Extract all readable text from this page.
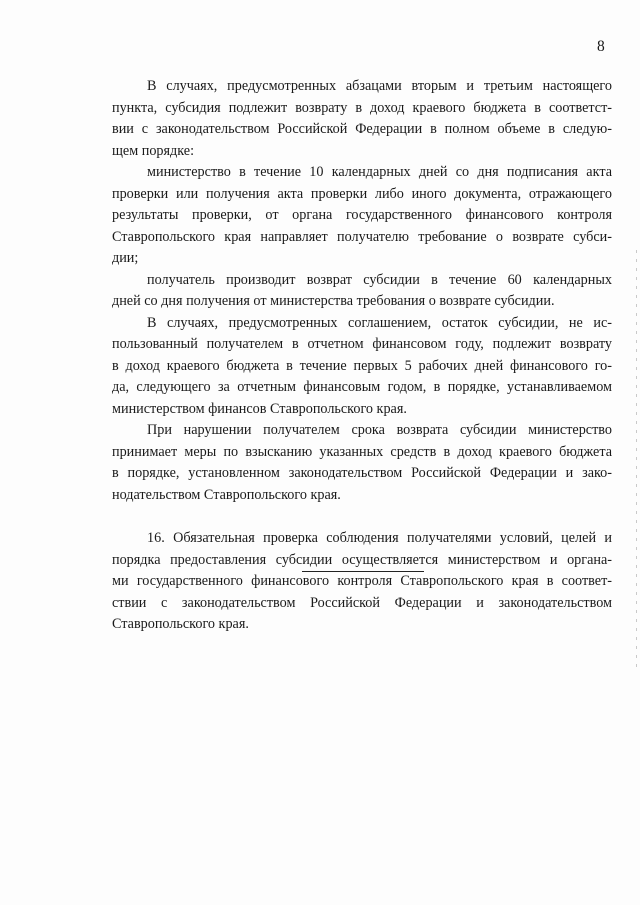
8
В случаях, предусмотренных абзацами вторым и третьим настоящего
пункта, субсидия подлежит возврату в доход краевого бюджета в соответст-
вии с законодательством Российской Федерации в полном объеме в следую-
щем порядке:
министерство в течение 10 календарных дней со дня подписания акта
проверки или получения акта проверки либо иного документа, отражающего
результаты проверки, от органа государственного финансового контроля
Ставропольского края направляет получателю требование о возврате субси-
дии;
получатель производит возврат субсидии в течение 60 календарных
дней со дня получения от министерства требования о возврате субсидии.
В случаях, предусмотренных соглашением, остаток субсидии, не ис-
пользованный получателем в отчетном финансовом году, подлежит возврату
в доход краевого бюджета в течение первых 5 рабочих дней финансового го-
да, следующего за отчетным финансовым годом, в порядке, устанавливаемом
министерством финансов Ставропольского края.
При нарушении получателем срока возврата субсидии министерство
принимает меры по взысканию указанных средств в доход краевого бюджета
в порядке, установленном законодательством Российской Федерации и зако-
нодательством Ставропольского края.
16. Обязательная проверка соблюдения получателями условий, целей и
порядка предоставления субсидии осуществляется министерством и органа-
ми государственного финансового контроля Ставропольского края в соответ-
ствии с законодательством Российской Федерации и законодательством
Ставропольского края.
